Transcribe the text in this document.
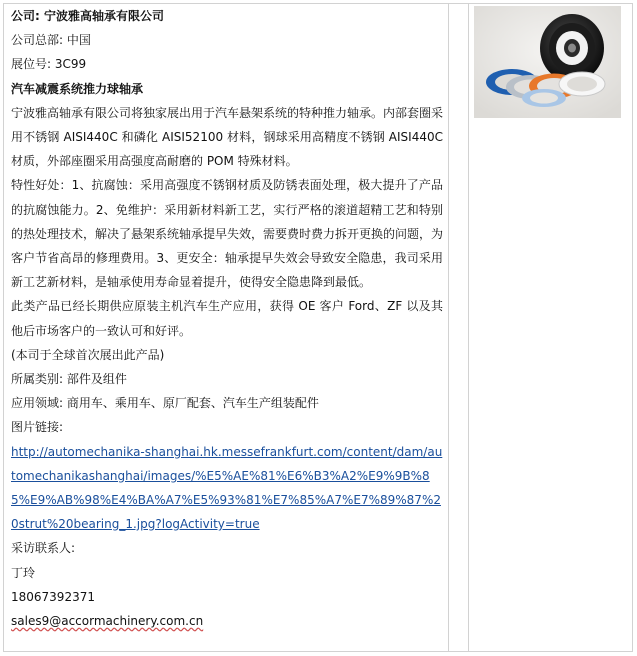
公司: 宁波雅高轴承有限公司
公司总部: 中国
展位号: 3C99
汽车减震系统推力球轴承
宁波雅高轴承有限公司将独家展出用于汽车悬架系统的特种推力轴承。内部套圈采用不锈钢 AISI440C 和磷化 AISI52100 材料，钢球采用高精度不锈钢 AISI440C 材质，外部座圈采用高强度高耐磨的 POM 特殊材料。
特性好处：1、抗腐蚀：采用高强度不锈钢材质及防锈表面处理，极大提升了产品的抗腐蚀能力。2、免维护：采用新材料新工艺，实行严格的滚道超精工艺和特别的热处理技术，解决了悬架系统轴承提早失效，需要费时费力拆开更换的问题，为客户节省高昂的修理费用。3、更安全：轴承提早失效会导致安全隐患，我司采用新工艺新材料，是轴承使用寿命显着提升，使得安全隐患降到最低。
此类产品已经长期供应原装主机汽车生产应用，获得 OE 客户 Ford、ZF 以及其他后市场客户的一致认可和好评。
(本司于全球首次展出此产品)
所属类别: 部件及组件
应用领域: 商用车、乘用车、原厂配套、汽车生产组装配件
图片链接:
http://automechanika-shanghai.hk.messefrankfurt.com/content/dam/automechanikashanghai/images/%E5%AE%81%E6%B3%A2%E9%9B%85%E9%AB%98%E4%BA%A7%E5%93%81%E7%85%A7%E7%89%87%20strut%20bearing_1.jpg?logActivity=true
采访联系人:
丁玲
18067392371
sales9@accormachinery.com.cn
